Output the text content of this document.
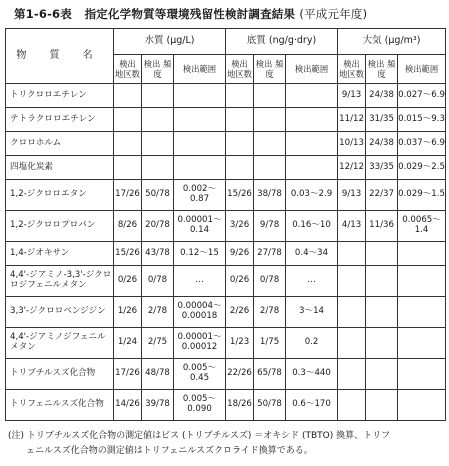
第1-6-6表 指定化学物質等環境残留性検討調査結果 (平成元年度)
物 質 名	水質 (μg/L)			底質 (ng/g·dry)			大気 (μg/m³)		
	検出 地区数	検出 頻度	検出範囲	検出 地区数	検出 頻度	検出範囲	検出 地区数	検出 頻度	検出範囲
トリクロロエチレン							9/13	24/38	0.027～6.9
テトラクロロエチレン							11/12	31/35	0.015～9.3
クロロホルム							10/13	24/38	0.037～6.9
四塩化炭素							12/12	33/35	0.029～2.5
1,2-ジクロロエタン	17/26	50/78	0.002～ 0.87	15/26	38/78	0.03～2.9	9/13	22/37	0.029～1.5
1,2-ジクロロプロパン	8/26	20/78	0.00001～ 0.14	3/26	9/78	0.16～10	4/13	11/36	0.0065～1.4
1,4-ジオキサン	15/26	43/78	0.12～15	9/26	27/78	0.4～34			
4,4'-ジアミノ-3,3'-ジクロロジフェニルメタン	0/26	0/78	…	0/26	0/78	…			
3,3'-ジクロロベンジジン	1/26	2/78	0.00004～ 0.00018	2/26	2/78	3～14			
4,4'-ジアミノジフェニルメタン	1/24	2/75	0.00001～ 0.00012	1/23	1/75	0.2			
トリブチルスズ化合物	17/26	48/78	0.005～ 0.45	22/26	65/78	0.3～440			
トリフェニルスズ化合物	14/26	39/78	0.005～ 0.090	18/26	50/78	0.6～170			
(注) トリブチルスズ化合物の測定値はビス (トリブチルスズ) ＝オキシド (TBTO) 換算、トリフ
ェニルスズ化合物の測定値はトリフェニルスズクロライド換算である。
